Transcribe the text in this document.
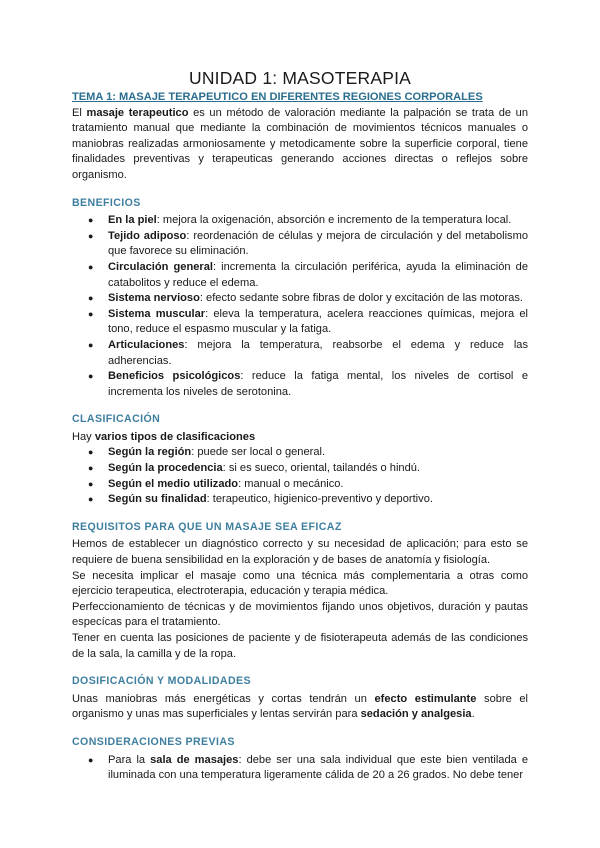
UNIDAD 1: MASOTERAPIA
TEMA 1: MASAJE TERAPEUTICO EN DIFERENTES REGIONES CORPORALES

El masaje terapeutico es un método de valoración mediante la palpación se trata de un tratamiento manual que mediante la combinación de movimientos técnicos manuales o maniobras realizadas armoniosamente y metodicamente sobre la superficie corporal, tiene finalidades preventivas y terapeuticas generando acciones directas o reflejos sobre organismo.

BENEFICIOS
● En la piel: mejora la oxigenación, absorción e incremento de la temperatura local.
● Tejido adiposo: reordenación de células y mejora de circulación y del metabolismo que favorece su eliminación.
● Circulación general: incrementa la circulación periférica, ayuda la eliminación de catabolitos y reduce el edema.
● Sistema nervioso: efecto sedante sobre fibras de dolor y excitación de las motoras.
● Sistema muscular: eleva la temperatura, acelera reacciones químicas, mejora el tono, reduce el espasmo muscular y la fatiga.
● Articulaciones: mejora la temperatura, reabsorbe el edema y reduce las adherencias.
● Beneficios psicológicos: reduce la fatiga mental, los niveles de cortisol e incrementa los niveles de serotonina.
CLASIFICACIÓN

Hay varios tipos de clasificaciones

● Según la región: puede ser local o general.
● Según la procedencia: si es sueco, oriental, tailandés o hindú.
● Según el medio utilizado: manual o mecánico.
● Según su finalidad: terapeutico, higienico-preventivo y deportivo.
REQUISITOS PARA QUE UN MASAJE SEA EFICAZ

Hemos de establecer un diagnóstico correcto y su necesidad de aplicación; para esto se requiere de buena sensibilidad en la exploración y de bases de anatomía y fisiología.

Se necesita implicar el masaje como una técnica más complementaria a otras como ejercicio terapeutica, electroterapia, educación y terapia médica.

Perfeccionamiento de técnicas y de movimientos fijando unos objetivos, duración y pautas especícas para el tratamiento.

Tener en cuenta las posiciones de paciente y de fisioterapeuta además de las condiciones de la sala, la camilla y de la ropa.

DOSIFICACIÓN Y MODALIDADES

Unas maniobras más energéticas y cortas tendrán un efecto estimulante sobre el organismo y unas mas superficiales y lentas servirán para sedación y analgesia.

CONSIDERACIONES PREVIAS
● Para la sala de masajes: debe ser una sala individual que este bien ventilada e iluminada con una temperatura ligeramente cálida de 20 a 26 grados. No debe tener
